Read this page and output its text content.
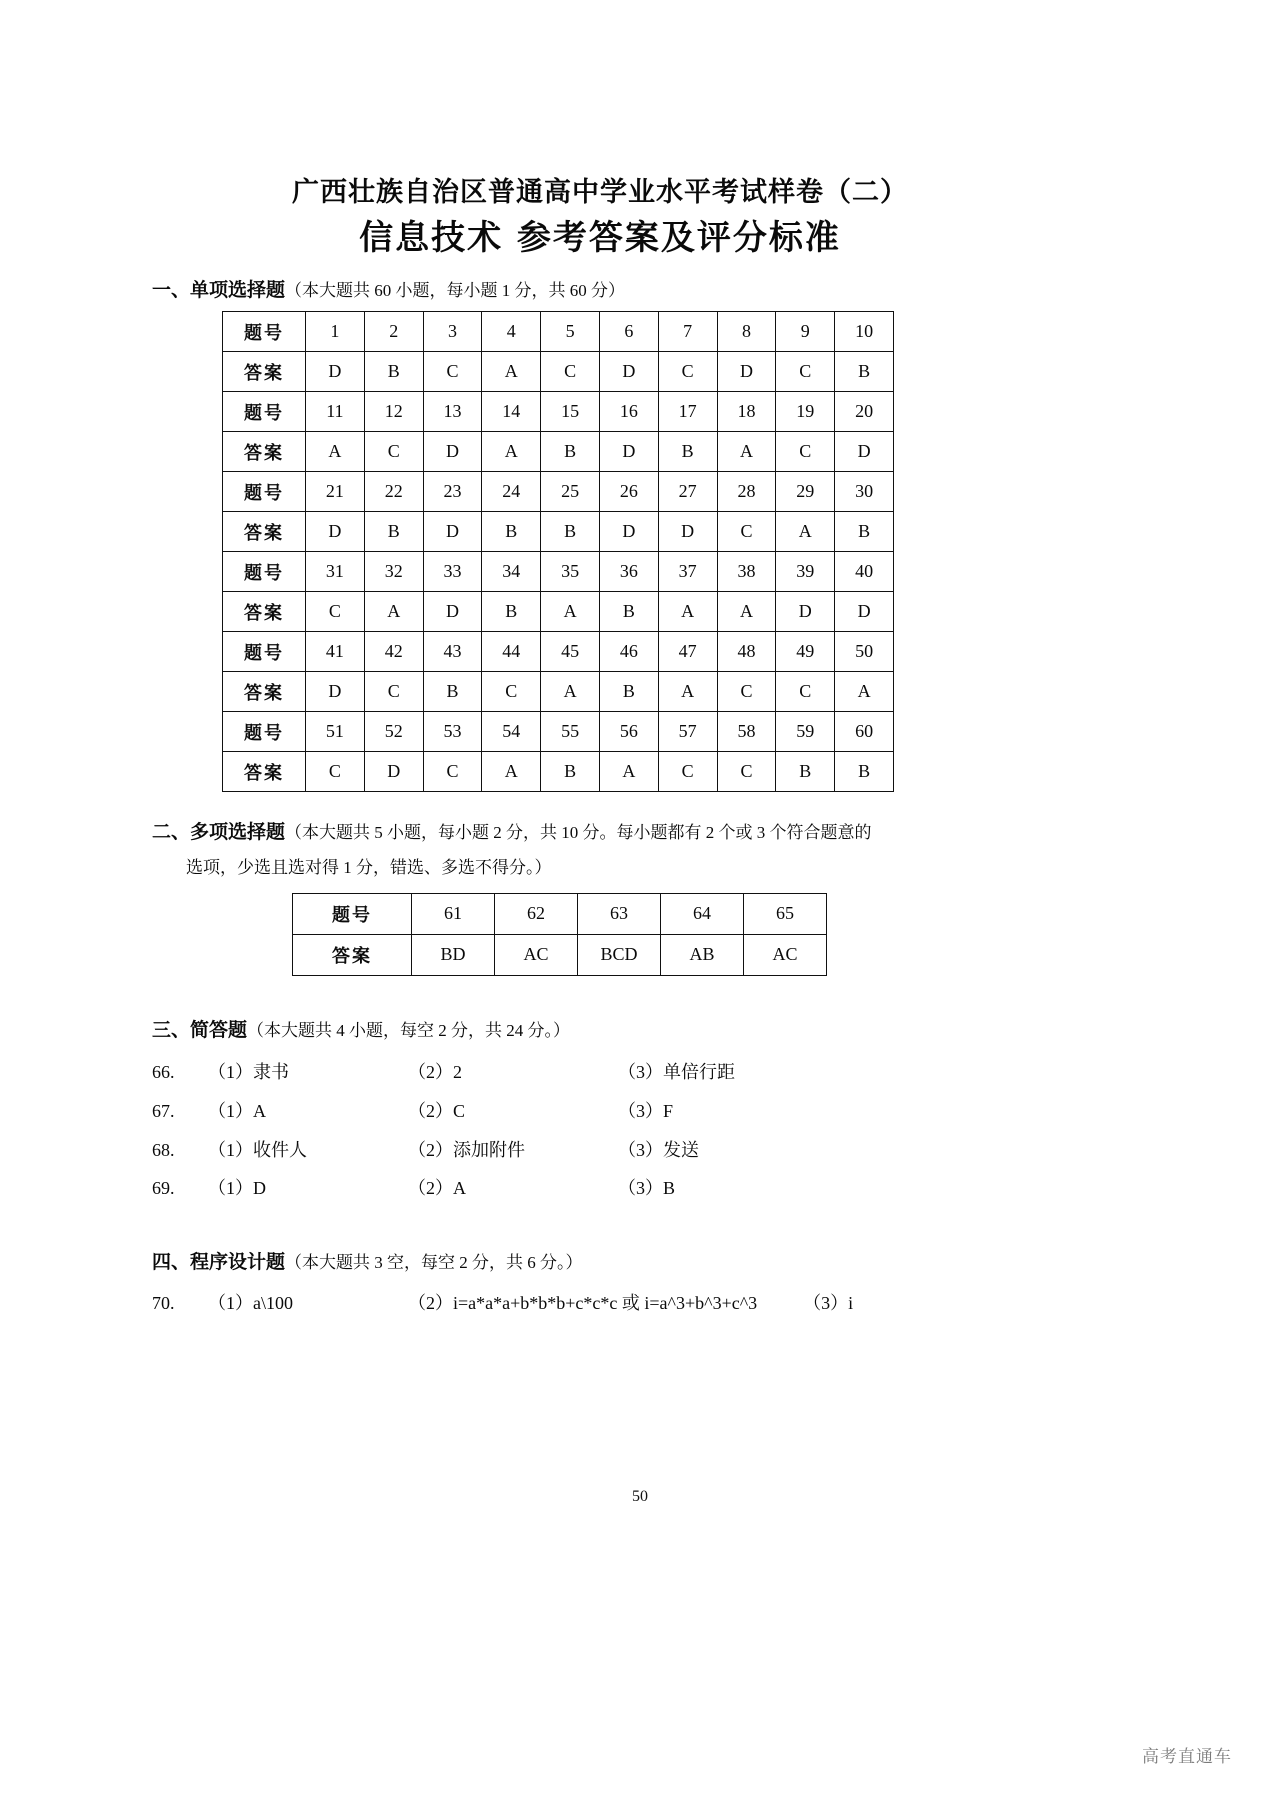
广西壮族自治区普通高中学业水平考试样卷（二）
信息技术 参考答案及评分标准
一、单项选择题（本大题共 60 小题，每小题 1 分，共 60 分）
题号	1	2	3	4	5	6	7	8	9	10
答案	D	B	C	A	C	D	C	D	C	B
题号	11	12	13	14	15	16	17	18	19	20
答案	A	C	D	A	B	D	B	A	C	D
题号	21	22	23	24	25	26	27	28	29	30
答案	D	B	D	B	B	D	D	C	A	B
题号	31	32	33	34	35	36	37	38	39	40
答案	C	A	D	B	A	B	A	A	D	D
题号	41	42	43	44	45	46	47	48	49	50
答案	D	C	B	C	A	B	A	C	C	A
题号	51	52	53	54	55	56	57	58	59	60
答案	C	D	C	A	B	A	C	C	B	B
二、多项选择题（本大题共 5 小题，每小题 2 分，共 10 分。每小题都有 2 个或 3 个符合题意的
选项，少选且选对得 1 分，错选、多选不得分。）
题号	61	62	63	64	65
答案	BD	AC	BCD	AB	AC
三、简答题（本大题共 4 小题，每空 2 分，共 24 分。）
66.	（1）隶书	（2）2	（3）单倍行距
67.	（1）A	（2）C	（3）F
68.	（1）收件人	（2）添加附件	（3）发送
69.	（1）D	（2）A	（3）B
四、程序设计题（本大题共 3 空，每空 2 分，共 6 分。）
70.	（1）a\100	（2）i=a*a*a+b*b*b+c*c*c 或 i=a^3+b^3+c^3	（3）i
50
高考直通车
